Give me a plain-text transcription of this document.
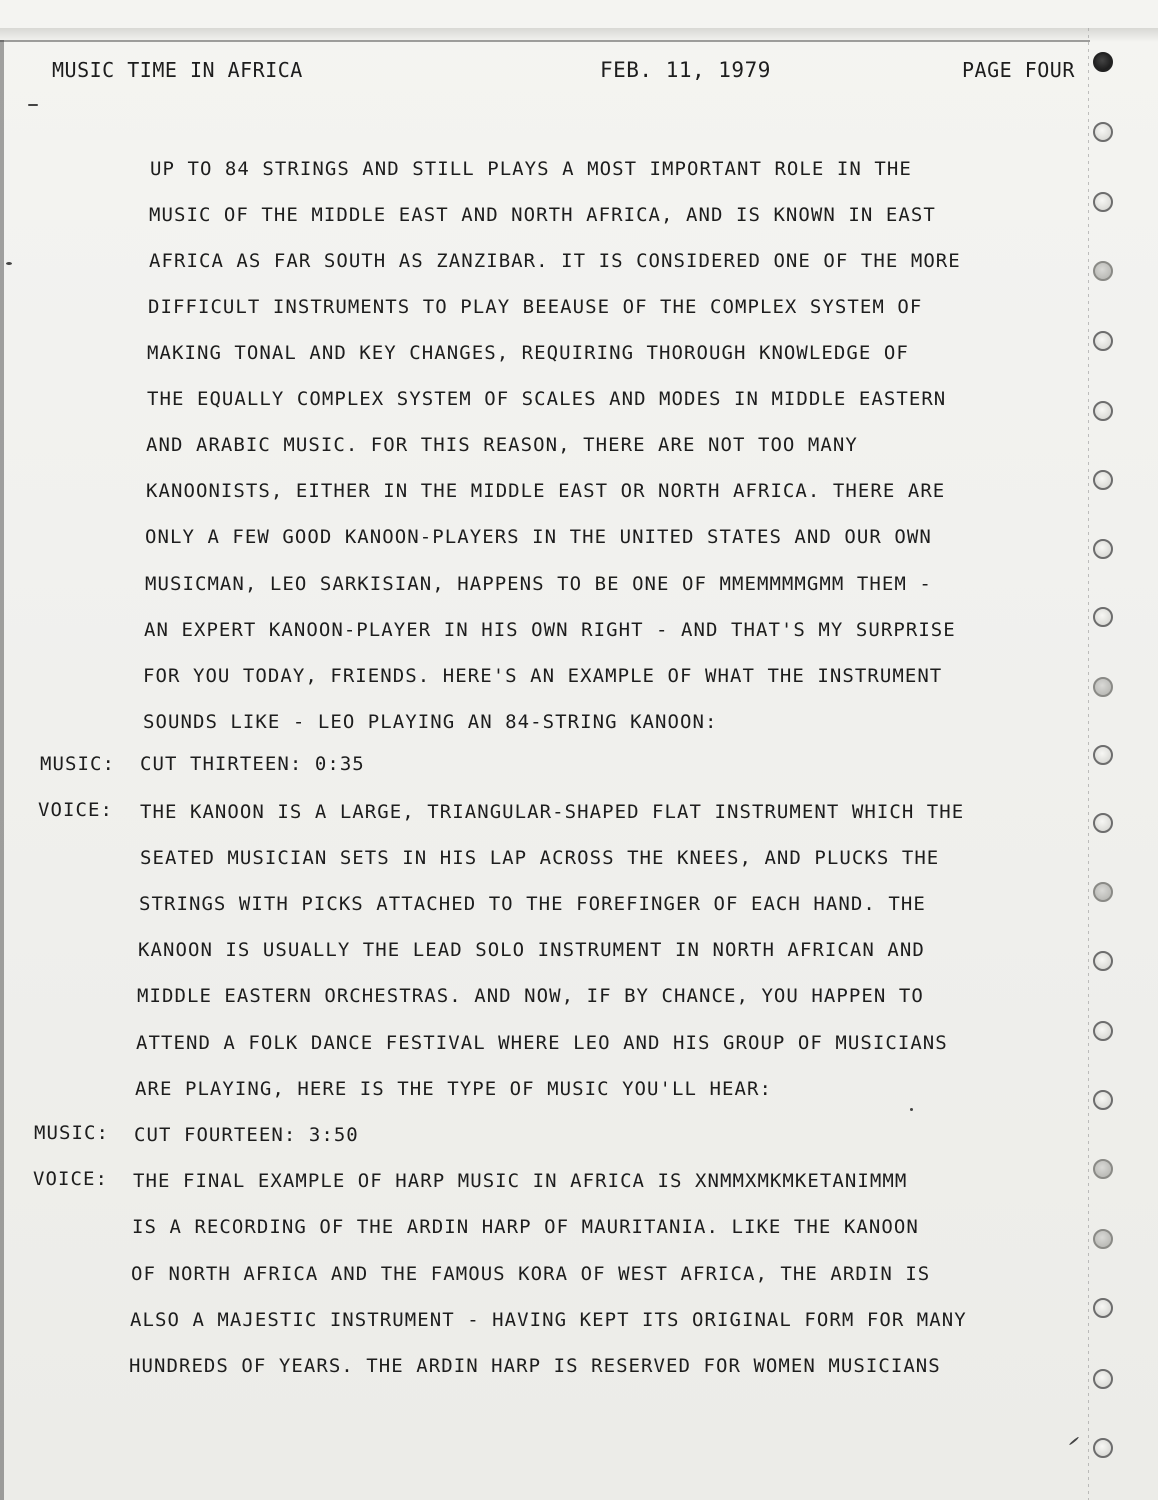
MUSIC TIME IN AFRICA	FEB. 11, 1979	PAGE FOUR
UP TO 84 STRINGS AND STILL PLAYS A MOST IMPORTANT ROLE IN THE
MUSIC OF THE MIDDLE EAST AND NORTH AFRICA, AND IS KNOWN IN EAST
AFRICA AS FAR SOUTH AS ZANZIBAR. IT IS CONSIDERED ONE OF THE MORE
DIFFICULT INSTRUMENTS TO PLAY BEEAUSE OF THE COMPLEX SYSTEM OF
MAKING TONAL AND KEY CHANGES, REQUIRING THOROUGH KNOWLEDGE OF
THE EQUALLY COMPLEX SYSTEM OF SCALES AND MODES IN MIDDLE EASTERN
AND ARABIC MUSIC. FOR THIS REASON, THERE ARE NOT TOO MANY
KANOONISTS, EITHER IN THE MIDDLE EAST OR NORTH AFRICA. THERE ARE
ONLY A FEW GOOD KANOON-PLAYERS IN THE UNITED STATES AND OUR OWN
MUSICMAN, LEO SARKISIAN, HAPPENS TO BE ONE OF MMEMMMMGMM THEM -
AN EXPERT KANOON-PLAYER IN HIS OWN RIGHT - AND THAT'S MY SURPRISE
FOR YOU TODAY, FRIENDS. HERE'S AN EXAMPLE OF WHAT THE INSTRUMENT
SOUNDS LIKE - LEO PLAYING AN 84-STRING KANOON:
MUSIC: CUT THIRTEEN: 0:35
VOICE: THE KANOON IS A LARGE, TRIANGULAR-SHAPED FLAT INSTRUMENT WHICH THE
SEATED MUSICIAN SETS IN HIS LAP ACROSS THE KNEES, AND PLUCKS THE
STRINGS WITH PICKS ATTACHED TO THE FOREFINGER OF EACH HAND. THE
KANOON IS USUALLY THE LEAD SOLO INSTRUMENT IN NORTH AFRICAN AND
MIDDLE EASTERN ORCHESTRAS. AND NOW, IF BY CHANCE, YOU HAPPEN TO
ATTEND A FOLK DANCE FESTIVAL WHERE LEO AND HIS GROUP OF MUSICIANS
ARE PLAYING, HERE IS THE TYPE OF MUSIC YOU'LL HEAR:
MUSIC: CUT FOURTEEN: 3:50
VOICE: THE FINAL EXAMPLE OF HARP MUSIC IN AFRICA IS XNMMXMKMKETANIMMM
IS A RECORDING OF THE ARDIN HARP OF MAURITANIA. LIKE THE KANOON
OF NORTH AFRICA AND THE FAMOUS KORA OF WEST AFRICA, THE ARDIN IS
ALSO A MAJESTIC INSTRUMENT - HAVING KEPT ITS ORIGINAL FORM FOR MANY
HUNDREDS OF YEARS. THE ARDIN HARP IS RESERVED FOR WOMEN MUSICIANS
